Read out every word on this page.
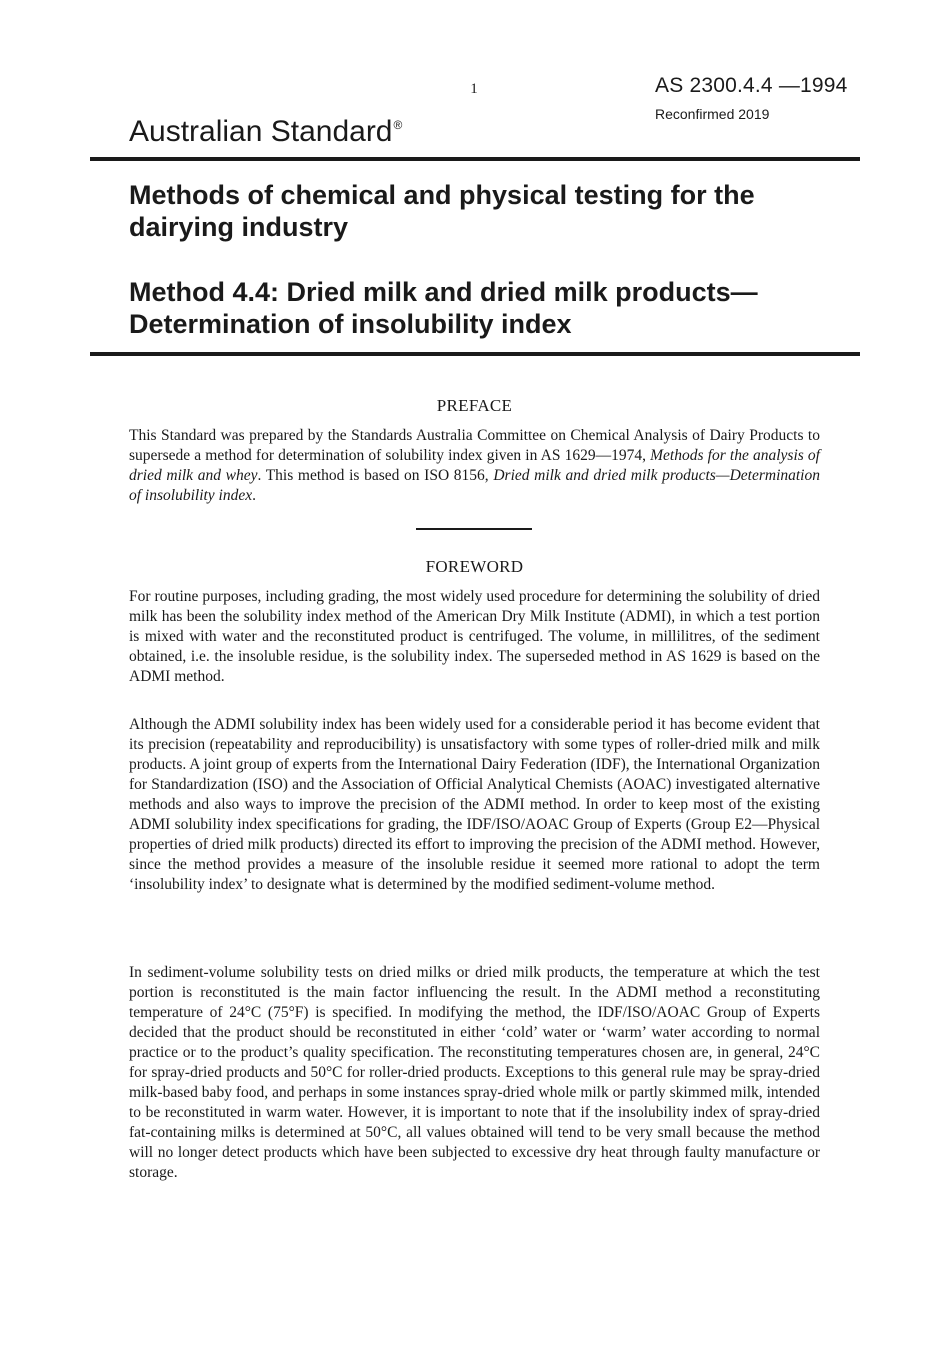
1	AS 2300.4.4 —1994
Reconfirmed 2019
Australian Standard®
Methods of chemical and physical testing for the dairying industry
Method 4.4: Dried milk and dried milk products—Determination of insolubility index
PREFACE

This Standard was prepared by the Standards Australia Committee on Chemical Analysis of Dairy Products to supersede a method for determination of solubility index given in AS 1629—1974, Methods for the analysis of dried milk and whey. This method is based on ISO 8156, Dried milk and dried milk products—Determination of insolubility index.

FOREWORD

For routine purposes, including grading, the most widely used procedure for determining the solubility of dried milk has been the solubility index method of the American Dry Milk Institute (ADMI), in which a test portion is mixed with water and the reconstituted product is centrifuged. The volume, in millilitres, of the sediment obtained, i.e. the insoluble residue, is the solubility index. The superseded method in AS 1629 is based on the ADMI method.

Although the ADMI solubility index has been widely used for a considerable period it has become evident that its precision (repeatability and reproducibility) is unsatisfactory with some types of roller-dried milk and milk products. A joint group of experts from the International Dairy Federation (IDF), the International Organization for Standardization (ISO) and the Association of Official Analytical Chemists (AOAC) investigated alternative methods and also ways to improve the precision of the ADMI method. In order to keep most of the existing ADMI solubility index specifications for grading, the IDF/ISO/AOAC Group of Experts (Group E2—Physical properties of dried milk products) directed its effort to improving the precision of the ADMI method. However, since the method provides a measure of the insoluble residue it seemed more rational to adopt the term ‘insolubility index’ to designate what is determined by the modified sediment-volume method.

In sediment-volume solubility tests on dried milks or dried milk products, the temperature at which the test portion is reconstituted is the main factor influencing the result. In the ADMI method a reconstituting temperature of 24°C (75°F) is specified. In modifying the method, the IDF/ISO/AOAC Group of Experts decided that the product should be reconstituted in either ‘cold’ water or ‘warm’ water according to normal practice or to the product’s quality specification. The reconstituting temperatures chosen are, in general, 24°C for spray-dried products and 50°C for roller-dried products. Exceptions to this general rule may be spray-dried milk-based baby food, and perhaps in some instances spray-dried whole milk or partly skimmed milk, intended to be reconstituted in warm water. However, it is important to note that if the insolubility index of spray-dried fat-containing milks is determined at 50°C, all values obtained will tend to be very small because the method will no longer detect products which have been subjected to excessive dry heat through faulty manufacture or storage.
